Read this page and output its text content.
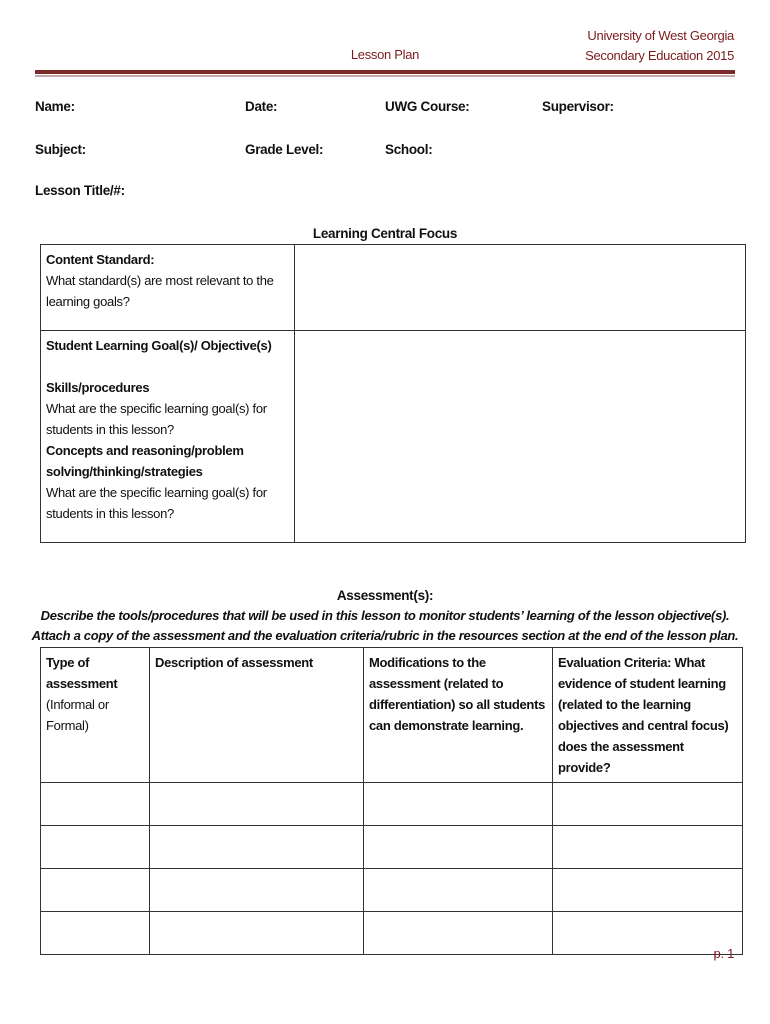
Lesson Plan
University of West Georgia
Secondary Education 2015
Name:	Date:	UWG Course:	Supervisor:
Subject:	Grade Level:	School:
Lesson Title/#:
Learning Central Focus
Content Standard:
What standard(s) are most relevant to the learning goals?	

Student Learning Goal(s)/ Objective(s)
Skills/procedures
What are the specific learning goal(s) for students in this lesson?
Concepts and reasoning/problem solving/thinking/strategies
What are the specific learning goal(s) for students in this lesson?	

Assessment(s):
Describe the tools/procedures that will be used in this lesson to monitor students’ learning of the lesson objective(s).
Attach a copy of the assessment and the evaluation criteria/rubric in the resources section at the end of the lesson plan.
Type of assessment
(Informal or Formal)	Description of assessment	Modifications to the assessment (related to differentiation) so all students can demonstrate learning.	Evaluation Criteria: What evidence of student learning (related to the learning objectives and central focus) does the assessment provide?

p. 1
